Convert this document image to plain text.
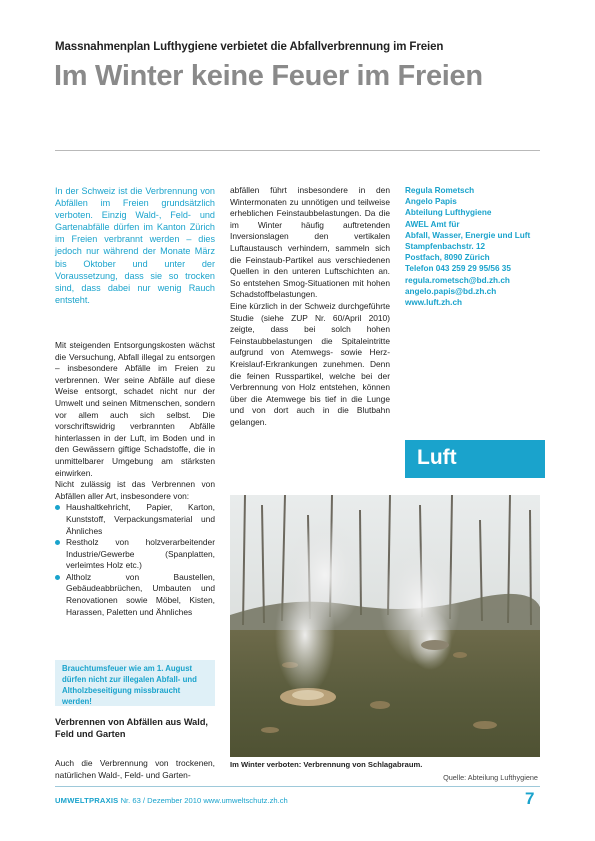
Massnahmenplan Lufthygiene verbietet die Abfallverbrennung im Freien
Im Winter keine Feuer im Freien
In der Schweiz ist die Verbrennung von Abfällen im Freien grundsätzlich verboten. Einzig Wald-, Feld- und Gartenabfälle dürfen im Kanton Zürich im Freien verbrannt werden – dies jedoch nur während der Monate März bis Oktober und unter der Voraussetzung, dass sie so trocken sind, dass dabei nur wenig Rauch entsteht.

Mit steigenden Entsorgungskosten wächst die Versuchung, Abfall illegal zu entsorgen – insbesondere Abfälle im Freien zu verbrennen. Wer seine Abfälle auf diese Weise entsorgt, schadet nicht nur der Umwelt und seinen Mitmenschen, sondern vor allem auch sich selbst. Die vorschriftswidrig verbrannten Abfälle hinterlassen in der Luft, im Boden und in den Gewässern giftige Schadstoffe, die in unmittelbarer Umgebung am stärksten einwirken.

Nicht zulässig ist das Verbrennen von Abfällen aller Art, insbesondere von:

Haushaltkehricht, Papier, Karton, Kunststoff, Verpackungsmaterial und Ähnliches
Restholz von holzverarbeitender Industrie/Gewerbe (Spanplatten, verleimtes Holz etc.)
Altholz von Baustellen, Gebäudeabbrüchen, Umbauten und Renovationen sowie Möbel, Kisten, Harassen, Paletten und Ähnliches
Brauchtumsfeuer wie am 1. August dürfen nicht zur illegalen Abfall- und Altholzbeseitigung missbraucht werden!
Verbrennen von Abfällen aus Wald, Feld und Garten
Auch die Verbrennung von trockenen, natürlichen Wald-, Feld- und Garten-

abfällen führt insbesondere in den Wintermonaten zu unnötigen und teilweise erheblichen Feinstaubbelastungen. Da die im Winter häufig auftretenden Inversionslagen den vertikalen Luftaustausch verhindern, sammeln sich die Feinstaub-Partikel aus verschiedenen Quellen in den unteren Luftschichten an. So entstehen Smog-Situationen mit hohen Schadstoffbelastungen.

Eine kürzlich in der Schweiz durchgeführte Studie (siehe ZUP Nr. 60/April 2010) zeigte, dass bei solch hohen Feinstaubbelastungen die Spitaleintritte aufgrund von Atemwegs- sowie Herz-Kreislauf-Erkrankungen zunehmen. Denn die feinen Russpartikel, welche bei der Verbrennung von Holz entstehen, können über die Atemwege bis tief in die Lunge und von dort auch in die Blutbahn gelangen.

Regula Rometsch
Angelo Papis
Abteilung Lufthygiene
AWEL Amt für
Abfall, Wasser, Energie und Luft
Stampfenbachstr. 12
Postfach, 8090 Zürich
Telefon 043 259 29 95/56 35
regula.rometsch@bd.zh.ch
angelo.papis@bd.zh.ch
www.luft.zh.ch
Luft
Im Winter verboten: Verbrennung von Schlagabraum.
Quelle: Abteilung Lufthygiene
UMWELTPRAXIS Nr. 63 / Dezember 2010 www.umweltschutz.zh.ch	7
